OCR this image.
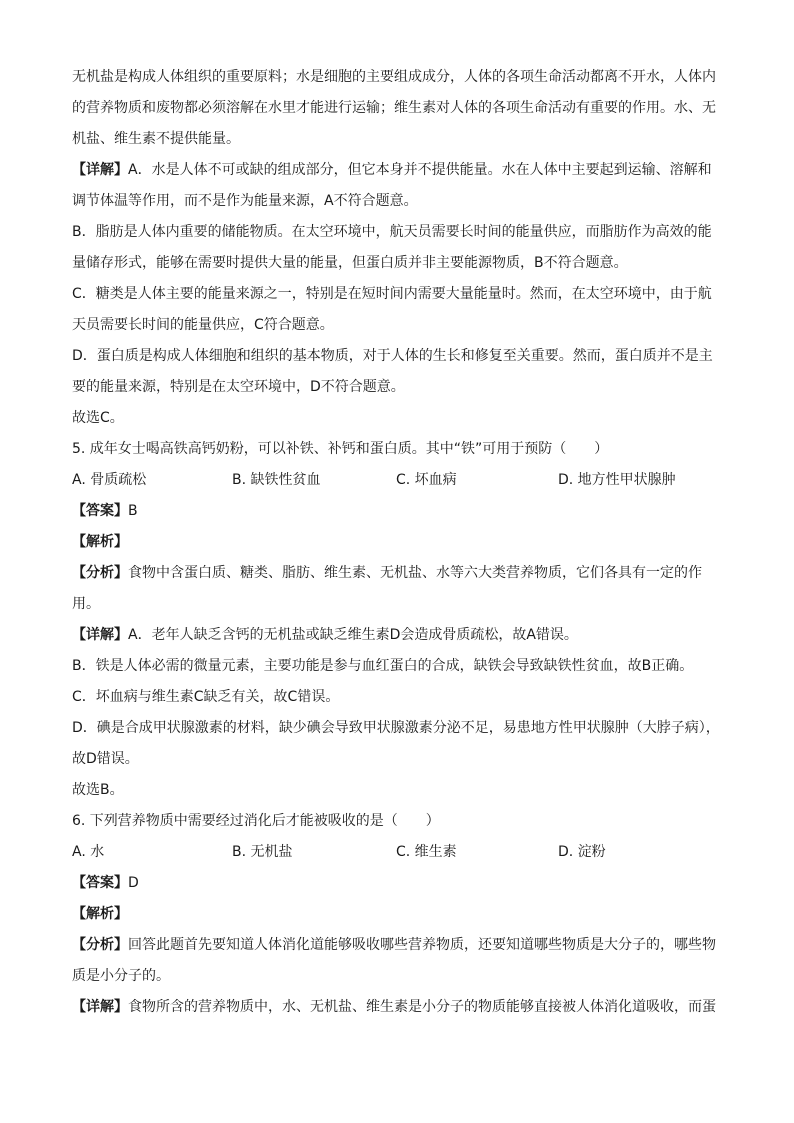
无机盐是构成人体组织的重要原料；水是细胞的主要组成成分，人体的各项生命活动都离不开水，人体内
的营养物质和废物都必须溶解在水里才能进行运输；维生素对人体的各项生命活动有重要的作用。水、无
机盐、维生素不提供能量。
【详解】A．水是人体不可或缺的组成部分，但它本身并不提供能量。水在人体中主要起到运输、溶解和
调节体温等作用，而不是作为能量来源，A不符合题意。
B．脂肪是人体内重要的储能物质。在太空环境中，航天员需要长时间的能量供应，而脂肪作为高效的能
量储存形式，能够在需要时提供大量的能量，但蛋白质并非主要能源物质，B不符合题意。
C．糖类是人体主要的能量来源之一，特别是在短时间内需要大量能量时。然而，在太空环境中，由于航
天员需要长时间的能量供应，C符合题意。
D．蛋白质是构成人体细胞和组织的基本物质，对于人体的生长和修复至关重要。然而，蛋白质并不是主
要的能量来源，特别是在太空环境中，D不符合题意。
故选C。
5. 成年女士喝高铁高钙奶粉，可以补铁、补钙和蛋白质。其中“铁”可用于预防（　　）
A. 骨质疏松	B. 缺铁性贫血	C. 坏血病	D. 地方性甲状腺肿
【答案】B
【解析】
【分析】食物中含蛋白质、糖类、脂肪、维生素、无机盐、水等六大类营养物质，它们各具有一定的作
用。
【详解】A．老年人缺乏含钙的无机盐或缺乏维生素D会造成骨质疏松，故A错误。
B．铁是人体必需的微量元素，主要功能是参与血红蛋白的合成，缺铁会导致缺铁性贫血，故B正确。
C．坏血病与维生素C缺乏有关，故C错误。
D．碘是合成甲状腺激素的材料，缺少碘会导致甲状腺激素分泌不足，易患地方性甲状腺肿（大脖子病），
故D错误。
故选B。
6. 下列营养物质中需要经过消化后才能被吸收的是（　　）
A. 水	B. 无机盐	C. 维生素	D. 淀粉
【答案】D
【解析】
【分析】回答此题首先要知道人体消化道能够吸收哪些营养物质，还要知道哪些物质是大分子的，哪些物
质是小分子的。
【详解】食物所含的营养物质中，水、无机盐、维生素是小分子的物质能够直接被人体消化道吸收，而蛋
